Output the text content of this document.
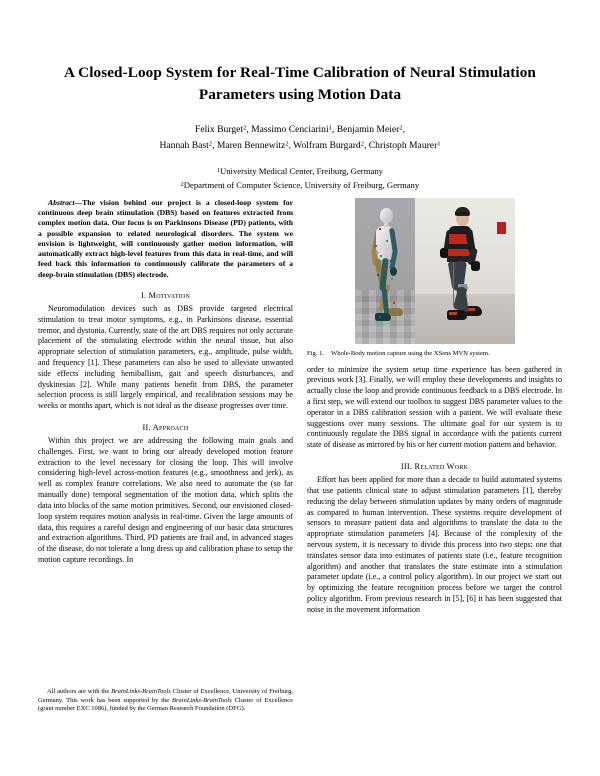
A Closed-Loop System for Real-Time Calibration of Neural Stimulation Parameters using Motion Data
Felix Burget$^2$, Massimo Cenciarini$^1$, Benjamin Meier$^2$,
Hannah Bast$^2$, Maren Bennewitz$^2$, Wolfram Burgard$^2$, Christoph Maurer$^1$
$^1$University Medical Center, Freiburg, Germany
$^2$Department of Computer Science, University of Freiburg, Germany

Abstract—The vision behind our project is a closed-loop system for continuous deep brain stimulation (DBS) based on features extracted from complex motion data. Our focus is on Parkinsons Disease (PD) patients, with a possible expansion to related neurological disorders. The system we envision is lightweight, will continuously gather motion information, will automatically extract high-level features from this data in real-time, and will feed back this information to continuously calibrate the parameters of a deep-brain stimulation (DBS) electrode.

I. Motivation

Neuromodulation devices such as DBS provide targeted electrical stimulation to treat motor symptoms, e.g., in Parkinsons disease, essential tremor, and dystonia. Currently, state of the art DBS requires not only accurate placement of the stimulating electrode within the neural tissue, but also appropriate selection of stimulation parameters, e.g., amplitude, pulse width, and frequency [1]. These parameters can also be used to alleviate unwanted side effects including hemiballism, gait and speech disturbances, and dyskinesias [2]. While many patients benefit from DBS, the parameter selection process is still largely empirical, and recalibration sessions may be weeks or months apart, which is not ideal as the disease progresses over time.

II. Approach

Within this project we are addressing the following main goals and challenges. First, we want to bring our already developed motion feature extraction to the level necessary for closing the loop. This will involve considering high-level across-motion features (e.g., smoothness and jerk), as well as complex feature correlations. We also need to automate the (so far manually done) temporal segmentation of the motion data, which splits the data into blocks of the same motion primitives. Second, our envisioned closed-loop system requires motion analysis in real-time. Given the large amounts of data, this requires a careful design and engineering of our basic data structures and extraction algorithms. Third, PD patients are frail and, in advanced stages of the disease, do not tolerate a long dress up and calibration phase to setup the motion capture recordings. In

Fig. 1. Whole-Body motion capture using the XSens MVN system.

order to minimize the system setup time experience has been gathered in previous work [3]. Finally, we will employ these developments and insights to actually close the loop and provide continuous feedback to a DBS electrode. In a first step, we will extend our toolbox to suggest DBS parameter values to the operator in a DBS calibration session with a patient. We will evaluate these suggestions over many sessions. The ultimate goal for our system is to continuously regulate the DBS signal in accordance with the patients current state of disease as mirrored by his or her current motion pattern and behavior.

III. Related Work

Effort has been applied for more than a decade to build automated systems that use patients clinical state to adjust stimulation parameters [1], thereby reducing the delay between stimulation updates by many orders of magnitude as compared to human intervention. These systems require development of sensors to measure patient data and algorithms to translate the data to the appropriate stimulation parameters [4]. Because of the complexity of the nervous system, it is necessary to divide this process into two steps: one that translates sensor data into estimates of patients state (i.e., feature recognition algorithm) and another that translates the state estimate into a stimulation parameter update (i.e., a control policy algorithm). In our project we start out by optimizing the feature recognition process before we target the control policy algorithm. From previous research in [5], [6] it has been suggested that noise in the movement information

All authors are with the BrainLinks-BrainTools Cluster of Excellence, University of Freiburg, Germany. This work has been supported by the BrainLinks-BrainTools Cluster of Excellence (grant number EXC 1086), funded by the German Research Foundation (DFG).
